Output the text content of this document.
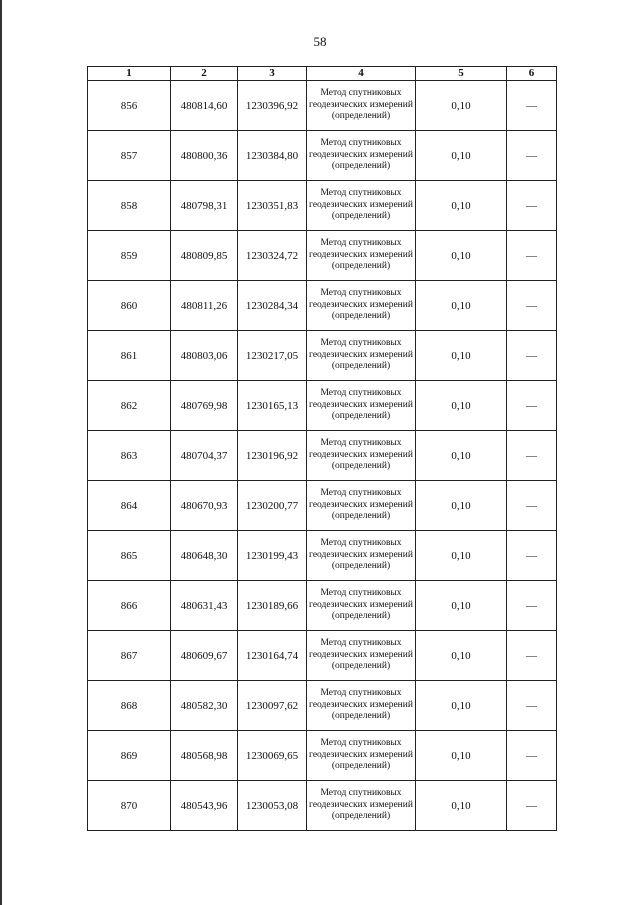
58
1	2	3	4	5	6
856	480814,60	1230396,92	Метод спутниковых геодезических измерений (определений)	0,10	—
857	480800,36	1230384,80	Метод спутниковых геодезических измерений (определений)	0,10	—
858	480798,31	1230351,83	Метод спутниковых геодезических измерений (определений)	0,10	—
859	480809,85	1230324,72	Метод спутниковых геодезических измерений (определений)	0,10	—
860	480811,26	1230284,34	Метод спутниковых геодезических измерений (определений)	0,10	—
861	480803,06	1230217,05	Метод спутниковых геодезических измерений (определений)	0,10	—
862	480769,98	1230165,13	Метод спутниковых геодезических измерений (определений)	0,10	—
863	480704,37	1230196,92	Метод спутниковых геодезических измерений (определений)	0,10	—
864	480670,93	1230200,77	Метод спутниковых геодезических измерений (определений)	0,10	—
865	480648,30	1230199,43	Метод спутниковых геодезических измерений (определений)	0,10	—
866	480631,43	1230189,66	Метод спутниковых геодезических измерений (определений)	0,10	—
867	480609,67	1230164,74	Метод спутниковых геодезических измерений (определений)	0,10	—
868	480582,30	1230097,62	Метод спутниковых геодезических измерений (определений)	0,10	—
869	480568,98	1230069,65	Метод спутниковых геодезических измерений (определений)	0,10	—
870	480543,96	1230053,08	Метод спутниковых геодезических измерений (определений)	0,10	—
